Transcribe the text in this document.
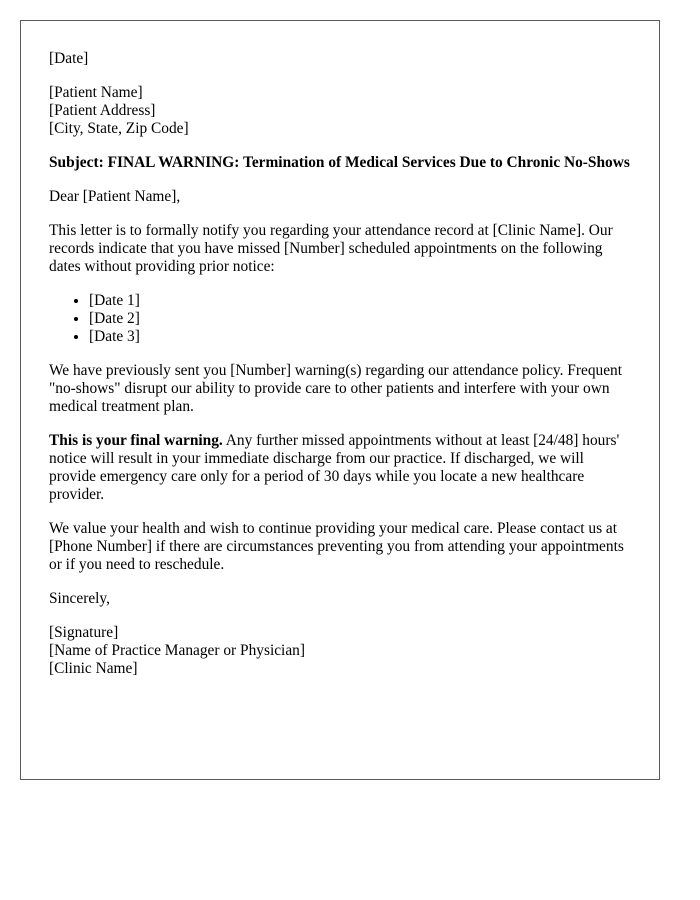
[Date]
[Patient Name]
[Patient Address]
[City, State, Zip Code]
Subject: FINAL WARNING: Termination of Medical Services Due to Chronic No-Shows

Dear [Patient Name],

This letter is to formally notify you regarding your attendance record at [Clinic Name]. Our records indicate that you have missed [Number] scheduled appointments on the following dates without providing prior notice:

• [Date 1]
• [Date 2]
• [Date 3]

We have previously sent you [Number] warning(s) regarding our attendance policy. Frequent "no-shows" disrupt our ability to provide care to other patients and interfere with your own medical treatment plan.

This is your final warning. Any further missed appointments without at least [24/48] hours' notice will result in your immediate discharge from our practice. If discharged, we will provide emergency care only for a period of 30 days while you locate a new healthcare provider.

We value your health and wish to continue providing your medical care. Please contact us at [Phone Number] if there are circumstances preventing you from attending your appointments or if you need to reschedule.

Sincerely,

[Signature]
[Name of Practice Manager or Physician]
[Clinic Name]
